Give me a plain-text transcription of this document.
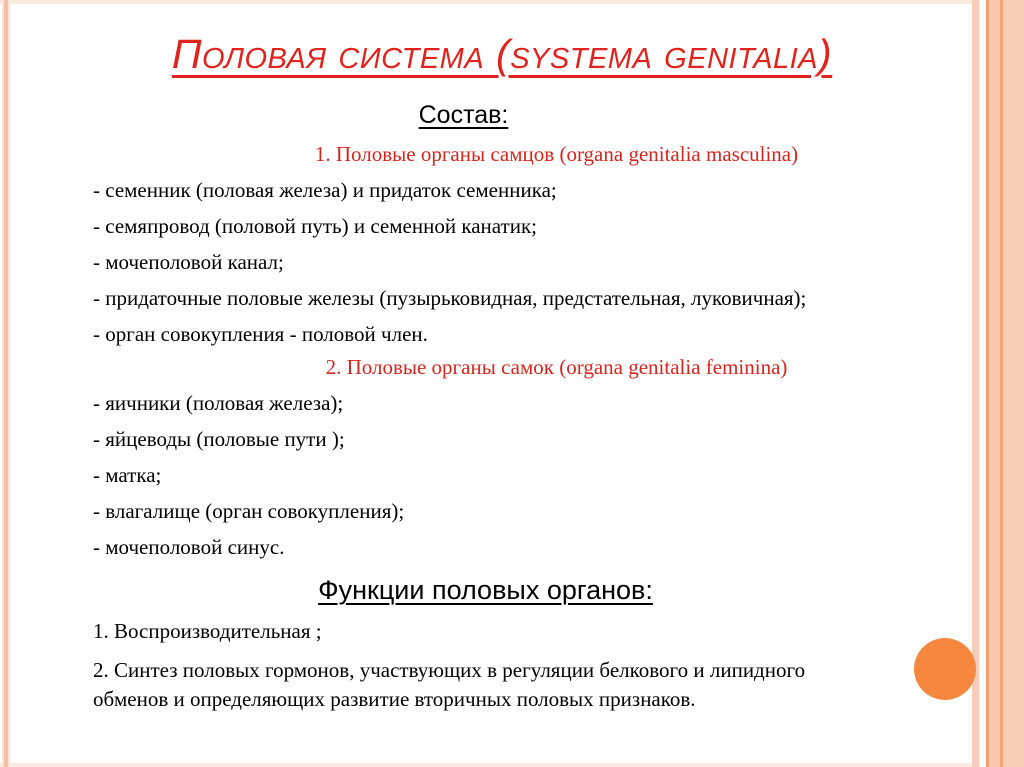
Половая система (systema genitalia)
Состав:
1. Половые органы самцов (organa genitalia masculina)
- семенник (половая железа) и придаток семенника;
- семяпровод (половой путь) и семенной канатик;
- мочеполовой канал;
- придаточные половые железы (пузырьковидная, предстательная, луковичная);
- орган совокупления - половой член.
2. Половые органы самок (organa genitalia feminina)
- яичники (половая железа);
- яйцеводы (половые пути );
- матка;
- влагалище (орган совокупления);
- мочеполовой синус.
Функции половых органов:
1. Воспроизводительная ;
2. Синтез половых гормонов, участвующих в регуляции белкового и липидного обменов и определяющих развитие вторичных половых признаков.
